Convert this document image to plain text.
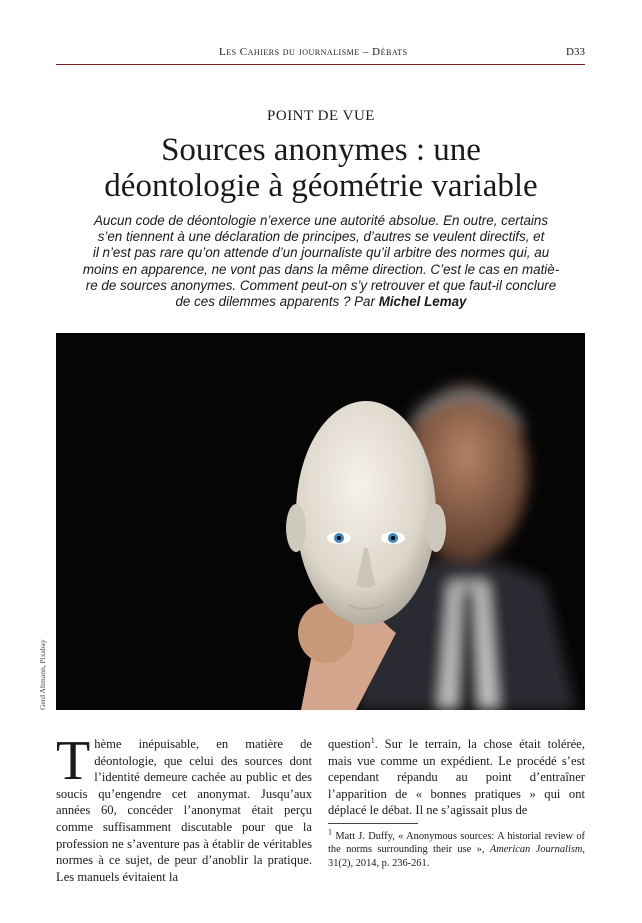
Les Cahiers du journalisme – Débats	D33
POINT DE VUE
Sources anonymes : une
déontologie à géométrie variable
Aucun code de déontologie n’exerce une autorité absolue. En outre, certains
s’en tiennent à une déclaration de principes, d’autres se veulent directifs, et
il n’est pas rare qu’on attende d’un journaliste qu’il arbitre des normes qui, au
moins en apparence, ne vont pas dans la même direction. C’est le cas en matiè-
re de sources anonymes. Comment peut-on s’y retrouver et que faut-il conclure
de ces dilemmes apparents ? Par Michel Lemay
Gerd Altmann, Pixabay
Thème inépuisable, en matière de déontologie, que celui des sources dont l’identité demeure cachée au public et des soucis qu’engendre cet anonymat. Jusqu’aux années 60, concéder l’anonymat était perçu comme suffisamment discutable pour que la profession ne s’aventure pas à établir de véritables normes à ce sujet, de peur d’anoblir la pratique. Les manuels évitaient la
question$^1$. Sur le terrain, la chose était tolérée, mais vue comme un expédient. Le procédé s’est cependant répandu au point d’entraîner l’apparition de « bonnes pratiques » qui ont déplacé le débat. Il ne s’agissait plus de
$^1$ Matt J. Duffy, « Anonymous sources: A historial review of the norms surrounding their use », American Journalism, 31(2), 2014, p. 236-261.
